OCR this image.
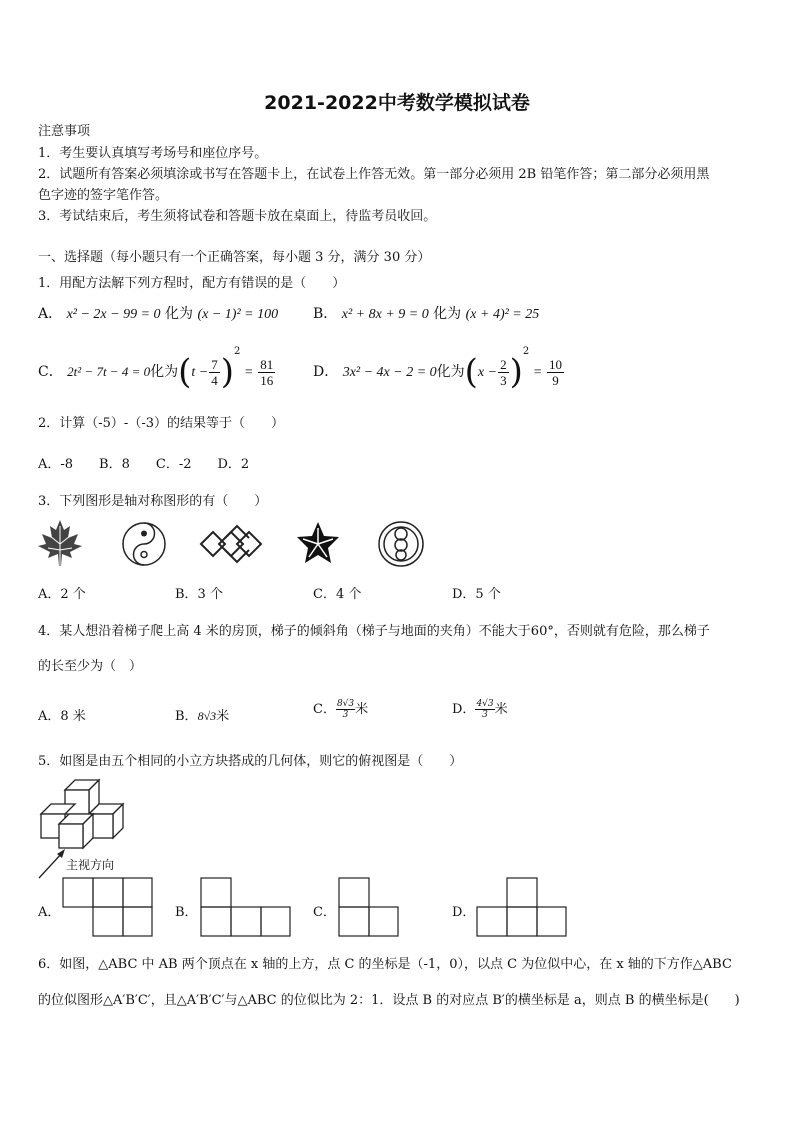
2021-2022中考数学模拟试卷
注意事项
1．考生要认真填写考场号和座位序号。
2．试题所有答案必须填涂或书写在答题卡上，在试卷上作答无效。第一部分必须用 2B 铅笔作答；第二部分必须用黑
色字迹的签字笔作答。
3．考试结束后，考生须将试卷和答题卡放在桌面上，待监考员收回。
一、选择题（每小题只有一个正确答案，每小题 3 分，满分 30 分）
1．用配方法解下列方程时，配方有错误的是（　　）
A． x² − 2x − 99 = 0 化为 (x − 1)² = 100 B． x² + 8x + 9 = 0 化为 (x + 4)² = 25
C． 2t² − 7t − 4 = 0化为$(t - \frac{7}{4} )^2 = \frac{81}{16}$	D． 3x² − 4x − 2 = 0化为$(x - \frac{2}{3} )^2 = \frac{10}{9}$
2．计算（-5）-（-3）的结果等于（　　）
A．-8　　B．8　　C．-2　　D．2
3．下列图形是轴对称图形的有（　　）
A．2 个	B．3 个	C．4 个	D．5 个
4．某人想沿着梯子爬上高 4 米的房顶，梯子的倾斜角（梯子与地面的夹角）不能大于60°，否则就有危险，那么梯子
的长至少为（　）
A．8 米	B．8√3米	C． $\frac{8√3}{3}$ 米	D． $\frac{4√3}{3}$ 米
5．如图是由五个相同的小立方块搭成的几何体，则它的俯视图是（　　）
主视方向
A．	B．	C．	D．
6．如图，△ABC 中 AB 两个顶点在 x 轴的上方，点 C 的坐标是（-1，0），以点 C 为位似中心，在 x 轴的下方作△ABC
的位似图形△A′B′C′，且△A′B′C′与△ABC 的位似比为 2：1．设点 B 的对应点 B′的横坐标是 a，则点 B 的横坐标是(　　)
